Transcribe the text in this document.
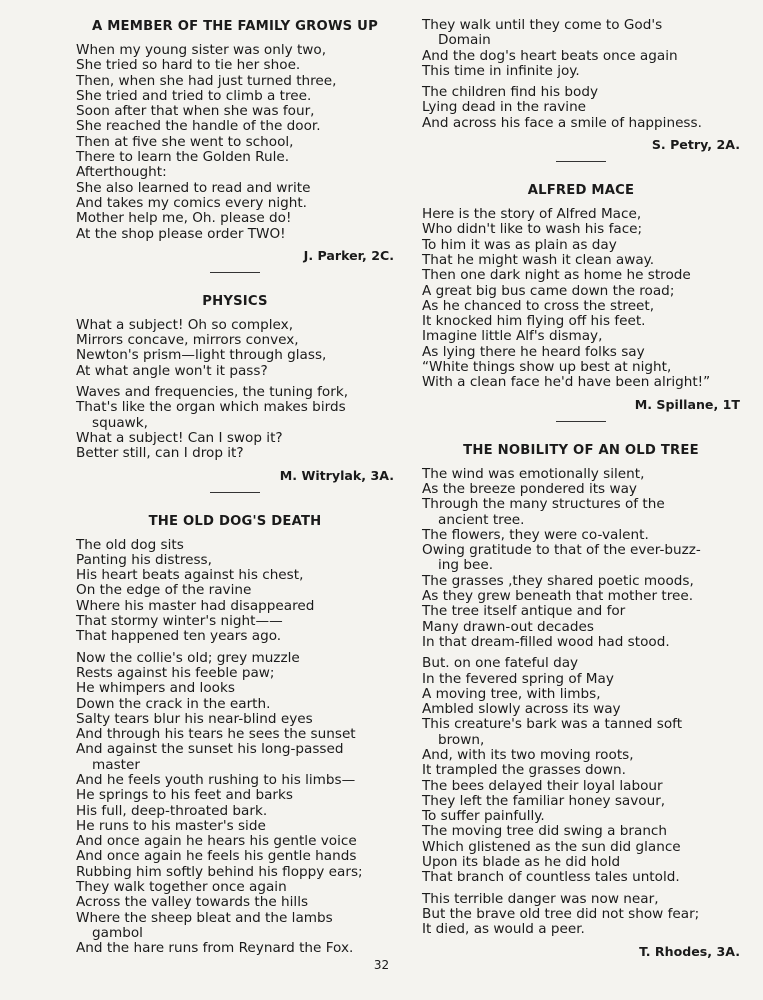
A MEMBER OF THE FAMILY GROWS UP
When my young sister was only two,
She tried so hard to tie her shoe.
Then, when she had just turned three,
She tried and tried to climb a tree.
Soon after that when she was four,
She reached the handle of the door.
Then at five she went to school,
There to learn the Golden Rule.
Afterthought:
She also learned to read and write
And takes my comics every night.
Mother help me, Oh. please do!
At the shop please order TWO!
J. Parker, 2C.
PHYSICS
What a subject! Oh so complex,
Mirrors concave, mirrors convex,
Newton's prism—light through glass,
At what angle won't it pass?
Waves and frequencies, the tuning fork,
That's like the organ which makes birds
squawk,
What a subject! Can I swop it?
Better still, can I drop it?
M. Witrylak, 3A.
THE OLD DOG'S DEATH
The old dog sits
Panting his distress,
His heart beats against his chest,
On the edge of the ravine
Where his master had disappeared
That stormy winter's night——
That happened ten years ago.
Now the collie's old; grey muzzle
Rests against his feeble paw;
He whimpers and looks
Down the crack in the earth.
Salty tears blur his near-blind eyes
And through his tears he sees the sunset
And against the sunset his long-passed
master
And he feels youth rushing to his limbs—
He springs to his feet and barks
His full, deep-throated bark.
He runs to his master's side
And once again he hears his gentle voice
And once again he feels his gentle hands
Rubbing him softly behind his floppy ears;
They walk together once again
Across the valley towards the hills
Where the sheep bleat and the lambs
gambol
And the hare runs from Reynard the Fox.
They walk until they come to God's
Domain
And the dog's heart beats once again
This time in infinite joy.
The children find his body
Lying dead in the ravine
And across his face a smile of happiness.
S. Petry, 2A.
ALFRED MACE
Here is the story of Alfred Mace,
Who didn't like to wash his face;
To him it was as plain as day
That he might wash it clean away.
Then one dark night as home he strode
A great big bus came down the road;
As he chanced to cross the street,
It knocked him flying off his feet.
Imagine little Alf's dismay,
As lying there he heard folks say
“White things show up best at night,
With a clean face he'd have been alright!”
M. Spillane, 1T
THE NOBILITY OF AN OLD TREE
The wind was emotionally silent,
As the breeze pondered its way
Through the many structures of the
ancient tree.
The flowers, they were co-valent.
Owing gratitude to that of the ever-buzz-
ing bee.
The grasses ,they shared poetic moods,
As they grew beneath that mother tree.
The tree itself antique and for
Many drawn-out decades
In that dream-filled wood had stood.
But. on one fateful day
In the fevered spring of May
A moving tree, with limbs,
Ambled slowly across its way
This creature's bark was a tanned soft
brown,
And, with its two moving roots,
It trampled the grasses down.
The bees delayed their loyal labour
They left the familiar honey savour,
To suffer painfully.
The moving tree did swing a branch
Which glistened as the sun did glance
Upon its blade as he did hold
That branch of countless tales untold.
This terrible danger was now near,
But the brave old tree did not show fear;
It died, as would a peer.
T. Rhodes, 3A.
32
